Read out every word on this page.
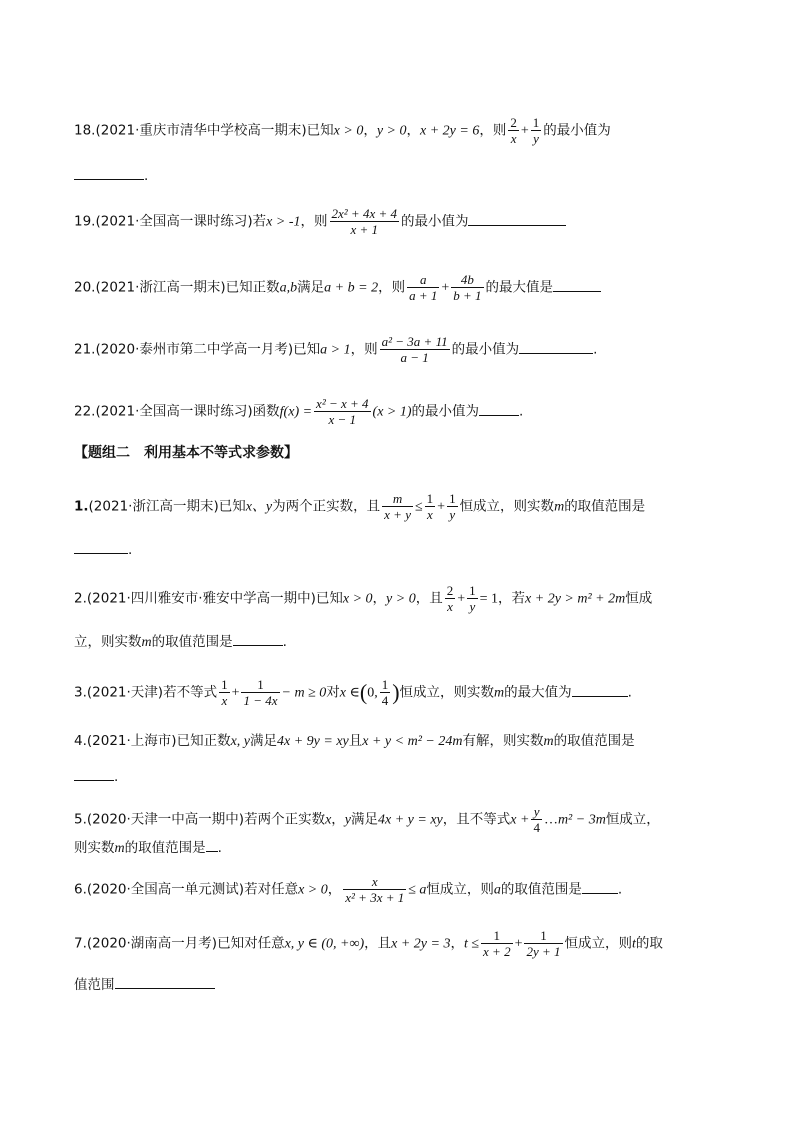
18.(2021·重庆市清华中学校高一期末)已知x > 0，y > 0，x + 2y = 6，则 $\frac{2}{x} + \frac{1}{y}$ 的最小值为
.
19.(2021·全国高一课时练习)若x > -1，则 $\frac{\text{2x² + 4x + 4}}{x + 1}$ 的最小值为
20.(2021·浙江高一期末)已知正数a,b满足a + b = 2，则 $\frac{a}{a + 1} + \frac{4b}{b + 1}$ 的最大值是
21.(2020·泰州市第二中学高一月考)已知a > 1，则 $\frac{\text{a² − 3a + 11}}{a - 1}$ 的最小值为	.
22.(2021·全国高一课时练习)函数$f(x) = \frac{\text{x² − x + 4}}{x - 1} (x > 1)$的最小值为	.
【题组二　利用基本不等式求参数】
1.(2021·浙江高一期末)已知x、y为两个正实数，且 $\frac{m}{x + y} \le \frac{1}{x} + \frac{1}{y}$ 恒成立，则实数m的取值范围是
.
2.(2021·四川雅安市·雅安中学高一期中)已知x > 0，y > 0，且 $\frac{2}{x} + \frac{1}{y} = 1$，若x + 2y > m² + 2m恒成
立，则实数m的取值范围是	.
3.(2021·天津)若不等式 $\frac{1}{x} + \frac{1}{1 - 4x} - m \ge 0$对x ∈(0, $\frac{1}{4}$ )恒成立，则实数m的最大值为	.
4.(2021·上海市)已知正数x, y满足4x + 9y = xy且x + y < m² − 24m有解，则实数m的取值范围是
.
5.(2020·天津一中高一期中)若两个正实数x，y满足4x + y = xy，且不等式$x + \frac{y}{4}$ …m² − 3m恒成立，
则实数m的取值范围是 .
6.(2020·全国高一单元测试)若对任意x > 0， $\frac{x}{\text{x² + 3x + 1}} \le a$恒成立，则a的取值范围是	.
7.(2020·湖南高一月考)已知对任意x, y ∈ (0, +∞)，且x + 2y = 3，$t \le \frac{1}{x + 2} + \frac{1}{2y + 1}$ 恒成立，则t的取
值范围
